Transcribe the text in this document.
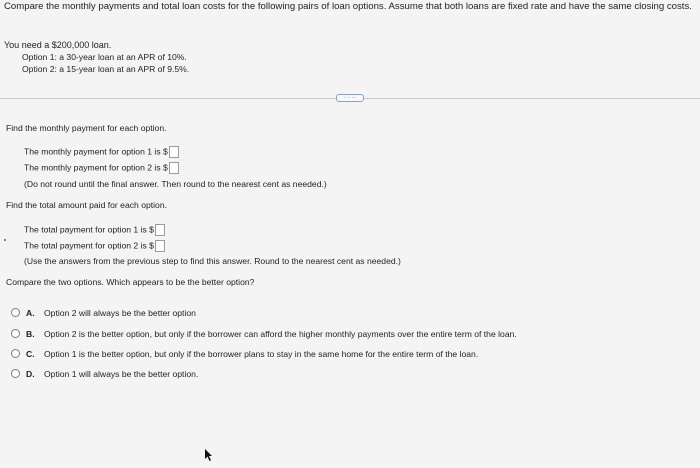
Compare the monthly payments and total loan costs for the following pairs of loan options. Assume that both loans are fixed rate and have the same closing costs.
You need a $200,000 loan.
Option 1: a 30-year loan at an APR of 10%.
Option 2: a 15-year loan at an APR of 9.5%.
·····
Find the monthly payment for each option.
The monthly payment for option 1 is $
The monthly payment for option 2 is $
(Do not round until the final answer. Then round to the nearest cent as needed.)
Find the total amount paid for each option.
The total payment for option 1 is $
The total payment for option 2 is $
(Use the answers from the previous step to find this answer. Round to the nearest cent as needed.)
Compare the two options. Which appears to be the better option?
A. Option 2 will always be the better option
B. Option 2 is the better option, but only if the borrower can afford the higher monthly payments over the entire term of the loan.
C. Option 1 is the better option, but only if the borrower plans to stay in the same home for the entire term of the loan.
D. Option 1 will always be the better option.
